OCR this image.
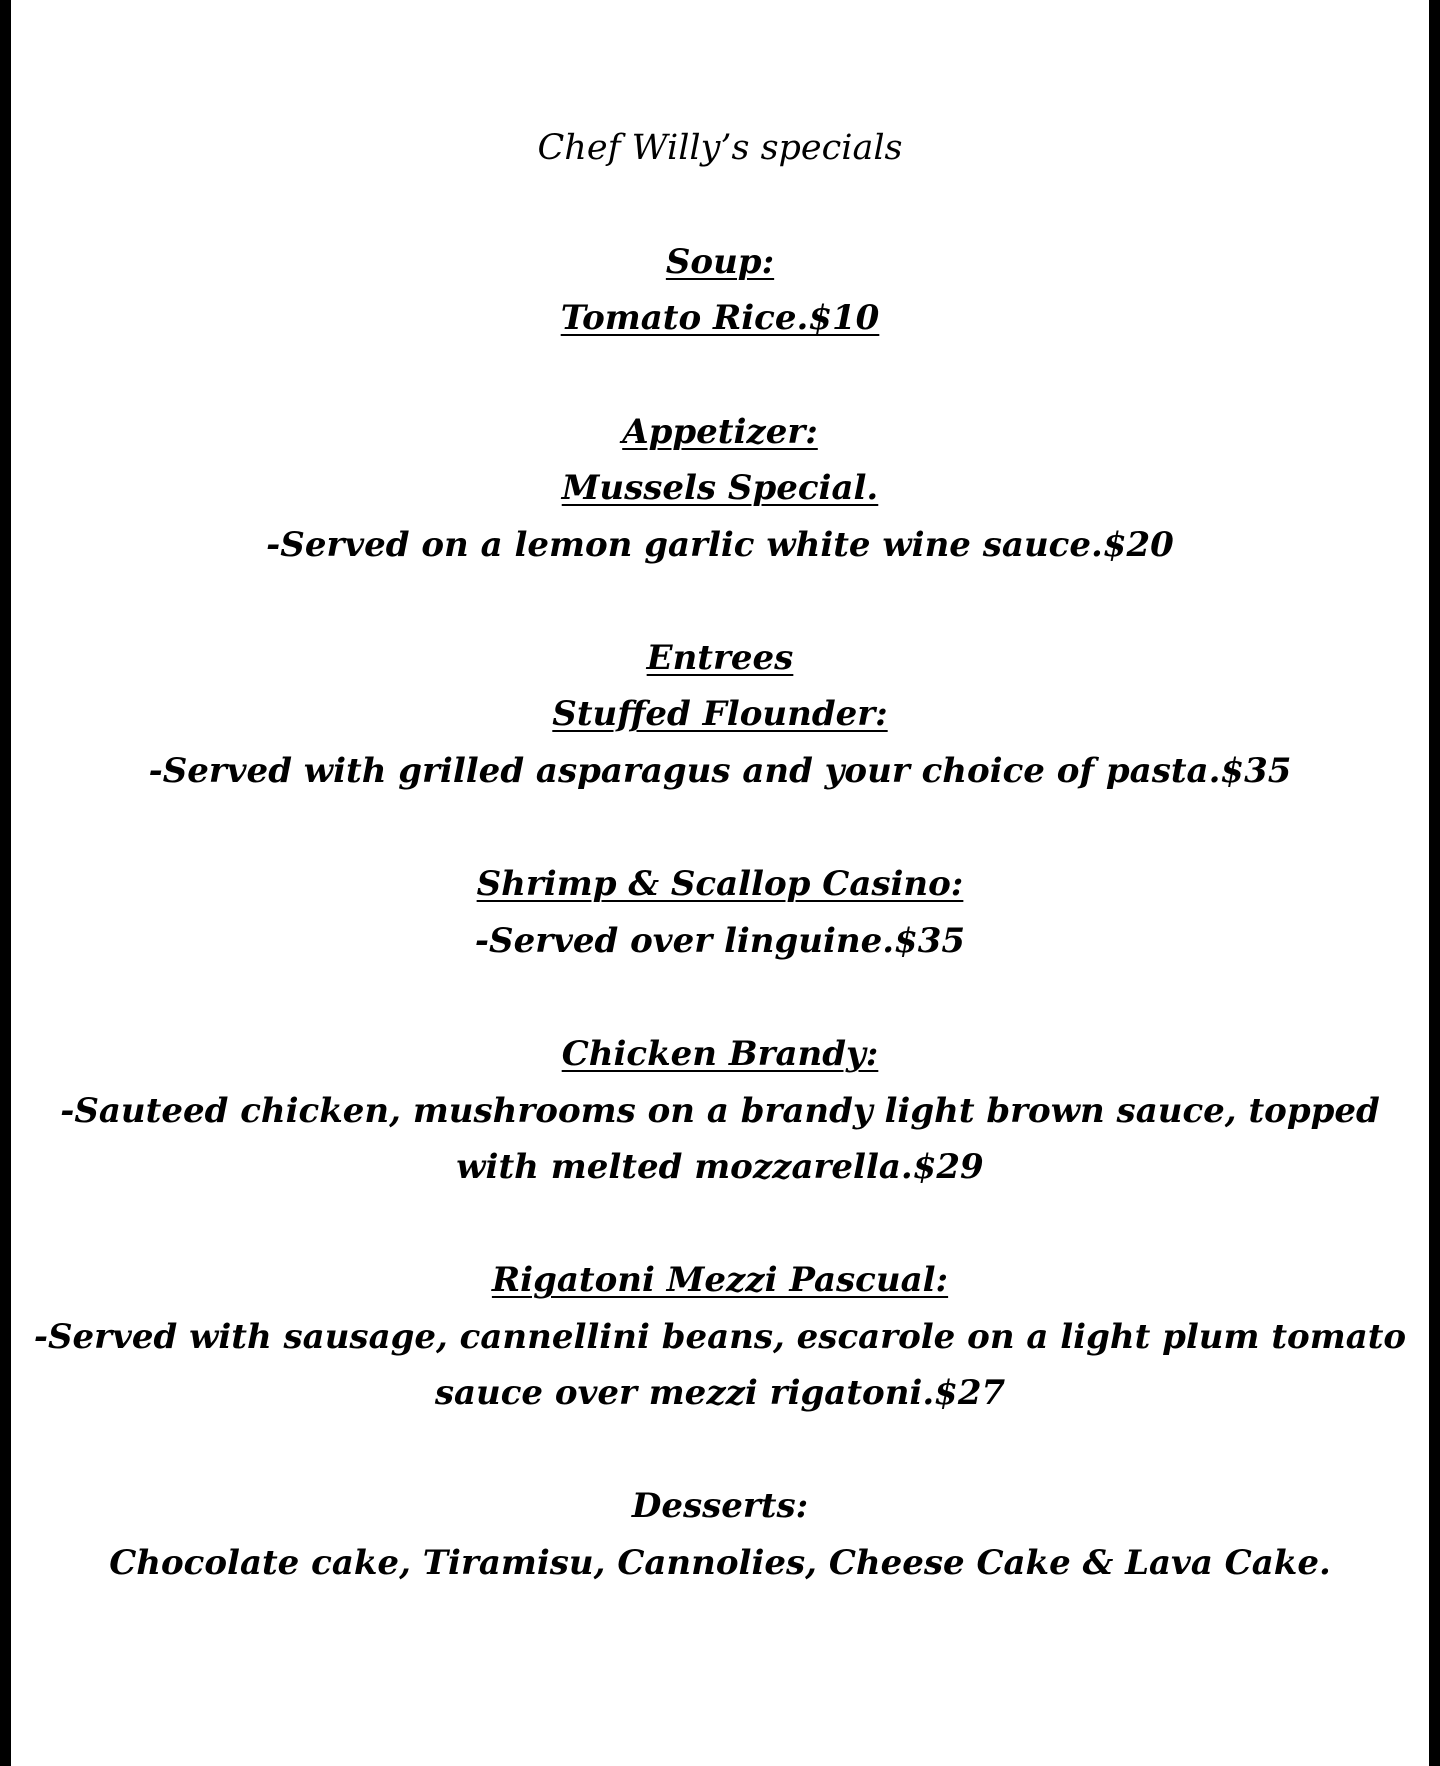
Chef Willy’s specials
Soup:
Tomato Rice.$10
Appetizer:
Mussels Special.
-Served on a lemon garlic white wine sauce.$20
Entrees
Stuffed Flounder:
-Served with grilled asparagus and your choice of pasta.$35
Shrimp & Scallop Casino:
-Served over linguine.$35
Chicken Brandy:
-Sauteed chicken, mushrooms on a brandy light brown sauce, topped
with melted mozzarella.$29
Rigatoni Mezzi Pascual:
-Served with sausage, cannellini beans, escarole on a light plum tomato
sauce over mezzi rigatoni.$27
Desserts:
Chocolate cake, Tiramisu, Cannolies, Cheese Cake & Lava Cake.
